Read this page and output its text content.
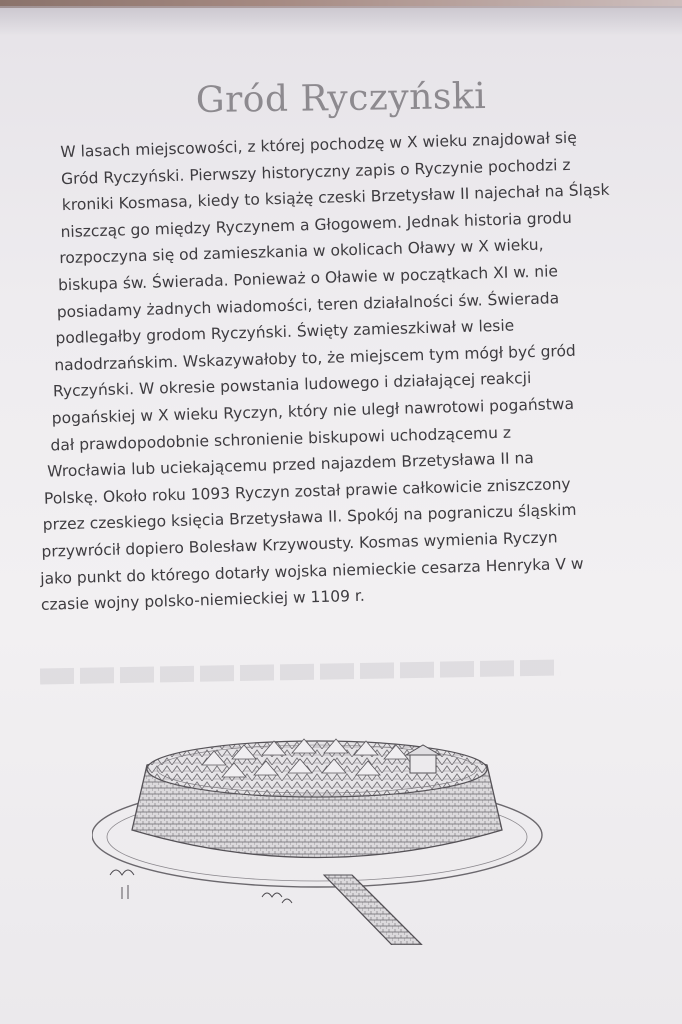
Gród Ryczyński
W lasach miejscowości, z której pochodzę w X wieku znajdował się
Gród Ryczyński. Pierwszy historyczny zapis o Ryczynie pochodzi z
kroniki Kosmasa, kiedy to książę czeski Brzetysław II najechał na Śląsk
niszcząc go między Ryczynem a Głogowem. Jednak historia grodu
rozpoczyna się od zamieszkania w okolicach Oławy w X wieku,
biskupa św. Świerada. Ponieważ o Oławie w początkach XI w. nie
posiadamy żadnych wiadomości, teren działalności św. Świerada
podlegałby grodom Ryczyński. Święty zamieszkiwał w lesie
nadodrzańskim. Wskazywałoby to, że miejscem tym mógł być gród
Ryczyński. W okresie powstania ludowego i działającej reakcji
pogańskiej w X wieku Ryczyn, który nie uległ nawrotowi pogaństwa
dał prawdopodobnie schronienie biskupowi uchodzącemu z
Wrocławia lub uciekającemu przed najazdem Brzetysława II na
Polskę. Około roku 1093 Ryczyn został prawie całkowicie zniszczony
przez czeskiego księcia Brzetysława II. Spokój na pograniczu śląskim
przywrócił dopiero Bolesław Krzywousty. Kosmas wymienia Ryczyn
jako punkt do którego dotarły wojska niemieckie cesarza Henryka V w
czasie wojny polsko-niemieckiej w 1109 r.
